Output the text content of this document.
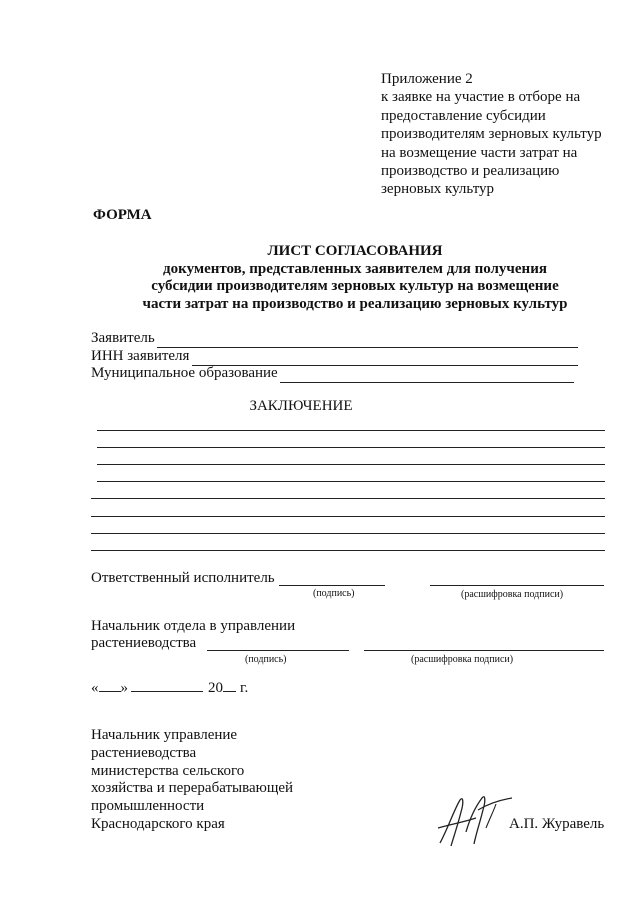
Приложение 2
к заявке на участие в отборе на
предоставление субсидии
производителям зерновых культур
на возмещение части затрат на
производство и реализацию
зерновых культур
ФОРМА
ЛИСТ СОГЛАСОВАНИЯ
документов, представленных заявителем для получения
субсидии производителям зерновых культур на возмещение
части затрат на производство и реализацию зерновых культур
Заявитель
ИНН заявителя
Муниципальное образование
ЗАКЛЮЧЕНИЕ
Ответственный исполнитель
(подпись)	(расшифровка подписи)
Начальник отдела в управлении
растениеводства
(подпись)	(расшифровка подписи)
« »	20 г.
Начальник управление
растениеводства
министерства сельского
хозяйства и перерабатывающей
промышленности
Краснодарского края	А.П. Журавель
